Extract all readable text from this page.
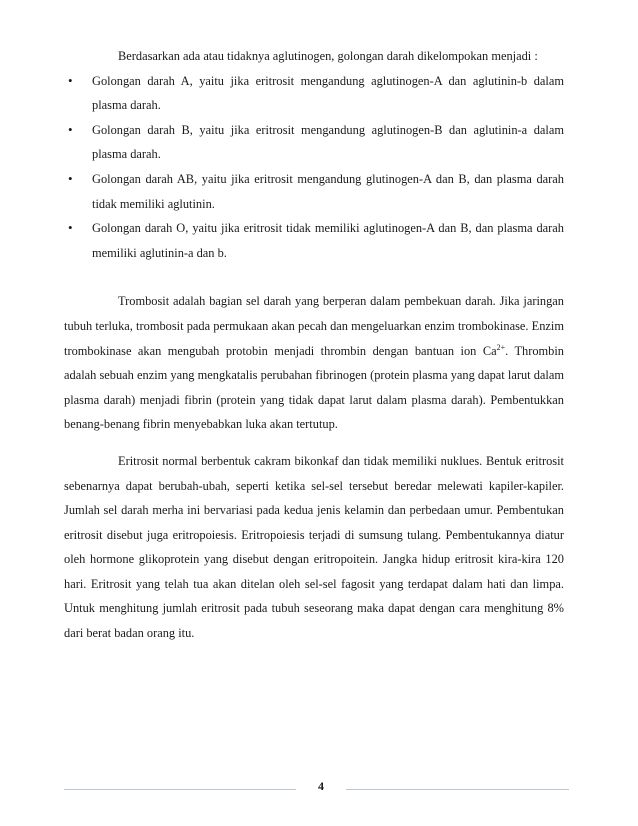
Berdasarkan ada atau tidaknya aglutinogen, golongan darah dikelompokan menjadi :

• Golongan darah A, yaitu jika eritrosit mengandung aglutinogen-A dan aglutinin-b dalam plasma darah.
• Golongan darah B, yaitu jika eritrosit mengandung aglutinogen-B dan aglutinin-a dalam plasma darah.
• Golongan darah AB, yaitu jika eritrosit mengandung glutinogen-A dan B, dan plasma darah tidak memiliki aglutinin.
• Golongan darah O, yaitu jika eritrosit tidak memiliki aglutinogen-A dan B, dan plasma darah memiliki aglutinin-a dan b.

Trombosit adalah bagian sel darah yang berperan dalam pembekuan darah. Jika jaringan tubuh terluka, trombosit pada permukaan akan pecah dan mengeluarkan enzim trombokinase. Enzim trombokinase akan mengubah protobin menjadi thrombin dengan bantuan ion $Ca^{2+}$. Thrombin adalah sebuah enzim yang mengkatalis perubahan fibrinogen (protein plasma yang dapat larut dalam plasma darah) menjadi fibrin (protein yang tidak dapat larut dalam plasma darah). Pembentukkan benang-benang fibrin menyebabkan luka akan tertutup.

Eritrosit normal berbentuk cakram bikonkaf dan tidak memiliki nuklues. Bentuk eritrosit sebenarnya dapat berubah-ubah, seperti ketika sel-sel tersebut beredar melewati kapiler-kapiler. Jumlah sel darah merha ini bervariasi pada kedua jenis kelamin dan perbedaan umur. Pembentukan eritrosit disebut juga eritropoiesis. Eritropoiesis terjadi di sumsung tulang. Pembentukannya diatur oleh hormone glikoprotein yang disebut dengan eritropoitein. Jangka hidup eritrosit kira-kira 120 hari. Eritrosit yang telah tua akan ditelan oleh sel-sel fagosit yang terdapat dalam hati dan limpa. Untuk menghitung jumlah eritrosit pada tubuh seseorang maka dapat dengan cara menghitung 8% dari berat badan orang itu.

4
